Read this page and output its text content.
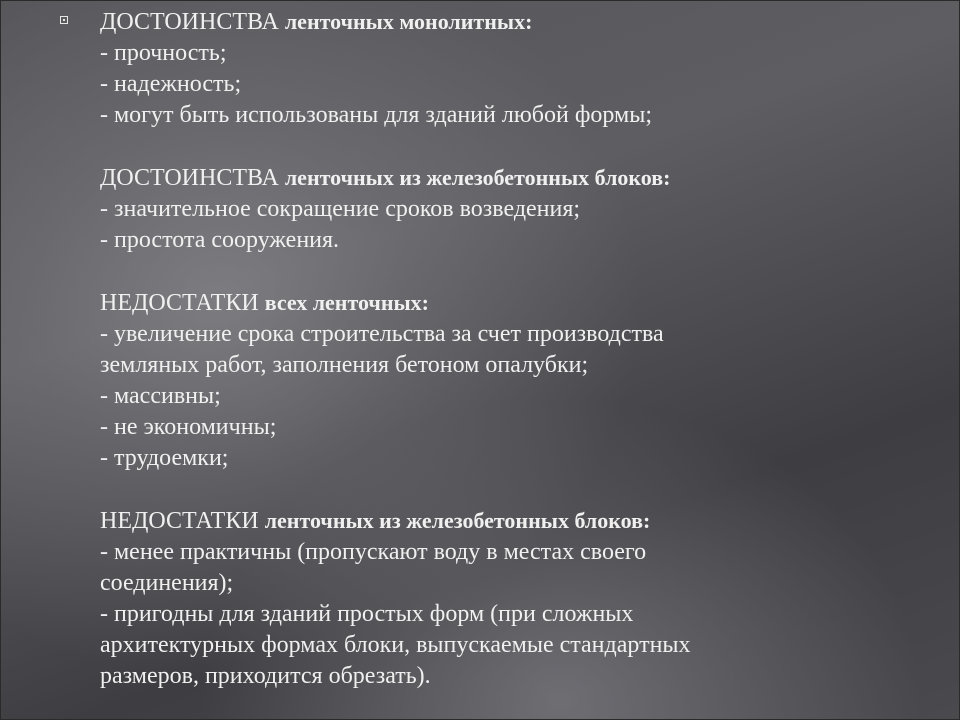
ДОСТОИНСТВА ленточных монолитных:
- прочность;
- надежность;
- могут быть использованы для зданий любой формы;
ДОСТОИНСТВА ленточных из железобетонных блоков:
- значительное сокращение сроков возведения;
- простота сооружения.
НЕДОСТАТКИ всех ленточных:
- увеличение срока строительства за счет производства
земляных работ, заполнения бетоном опалубки;
- массивны;
- не экономичны;
- трудоемки;
НЕДОСТАТКИ ленточных из железобетонных блоков:
- менее практичны (пропускают воду в местах своего
соединения);
- пригодны для зданий простых форм (при сложных
архитектурных формах блоки, выпускаемые стандартных
размеров, приходится обрезать).
